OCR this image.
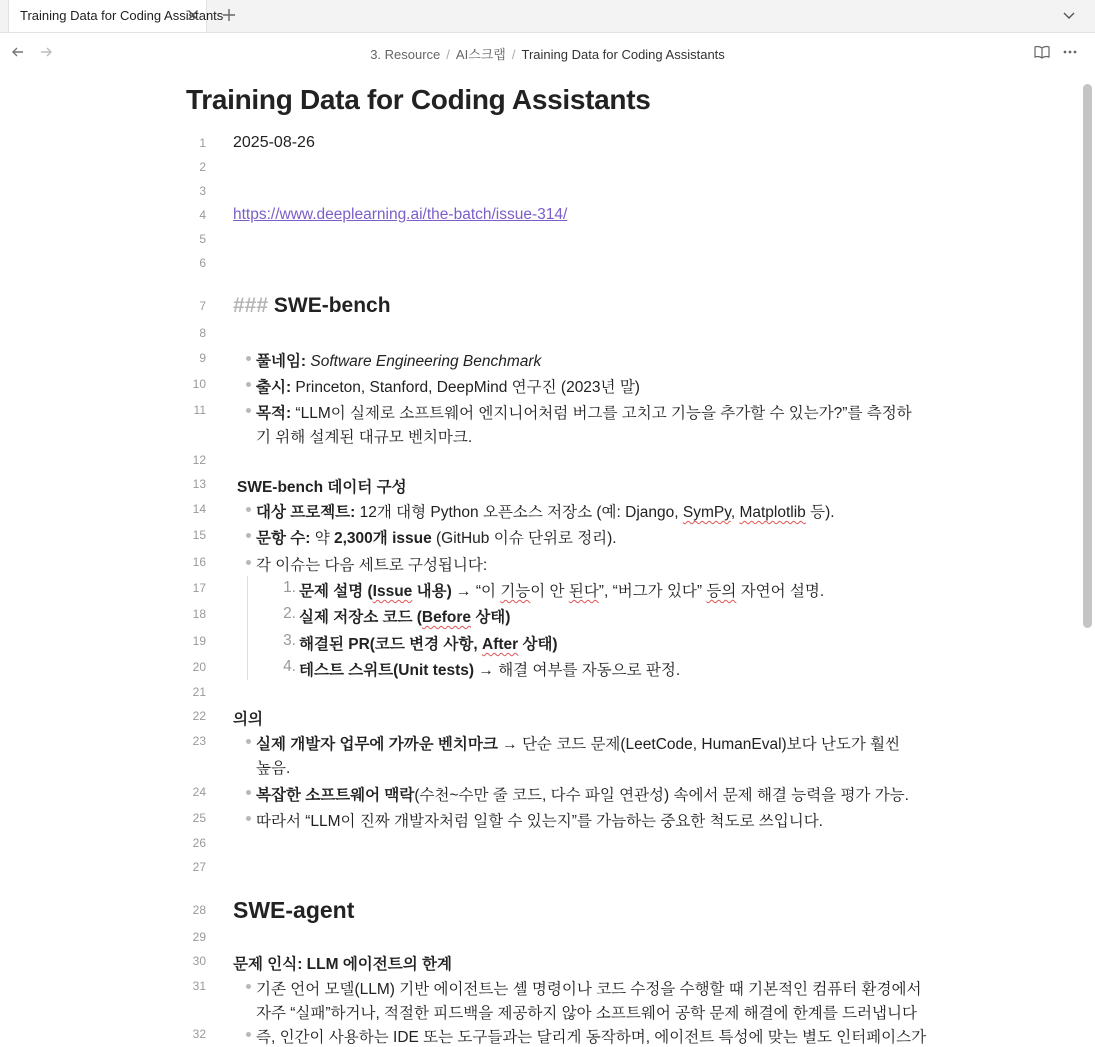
Training Data for Coding Assistants
3. Resource / AI스크랩 / Training Data for Coding Assistants
Training Data for Coding Assistants
1
2
3
4
5
6
7
8
9
10
11
12
13
14
15
16
17
18
19
20
21
22
23
24
25
26
27
28
29
30
31
32
2025-08-26
https://www.deeplearning.ai/the-batch/issue-314/
### SWE-bench
풀네임: Software Engineering Benchmark
출시: Princeton, Stanford, DeepMind 연구진 (2023년 말)
목적: “LLM이 실제로 소프트웨어 엔지니어처럼 버그를 고치고 기능을 추가할 수 있는가?”를 측정하
기 위해 설계된 대규모 벤치마크.
SWE-bench 데이터 구성
대상 프로젝트: 12개 대형 Python 오픈소스 저장소 (예: Django, SymPy, Matplotlib 등).
문항 수: 약 2,300개 issue (GitHub 이슈 단위로 정리).
각 이슈는 다음 세트로 구성됩니다:
1. 문제 설명 (Issue 내용) → “이 기능이 안 된다”, “버그가 있다” 등의 자연어 설명.
2. 실제 저장소 코드 (Before 상태)
3. 해결된 PR(코드 변경 사항, After 상태)
4. 테스트 스위트(Unit tests) → 해결 여부를 자동으로 판정.
의의
실제 개발자 업무에 가까운 벤치마크 → 단순 코드 문제(LeetCode, HumanEval)보다 난도가 훨씬
높음.
복잡한 소프트웨어 맥락(수천~수만 줄 코드, 다수 파일 연관성) 속에서 문제 해결 능력을 평가 가능.
따라서 “LLM이 진짜 개발자처럼 일할 수 있는지”를 가늠하는 중요한 척도로 쓰입니다.
SWE-agent
문제 인식: LLM 에이전트의 한계
기존 언어 모델(LLM) 기반 에이전트는 셸 명령이나 코드 수정을 수행할 때 기본적인 컴퓨터 환경에서
자주 “실패”하거나, 적절한 피드백을 제공하지 않아 소프트웨어 공학 문제 해결에 한계를 드러냅니다
즉, 인간이 사용하는 IDE 또는 도구들과는 달리게 동작하며, 에이전트 특성에 맞는 별도 인터페이스가
